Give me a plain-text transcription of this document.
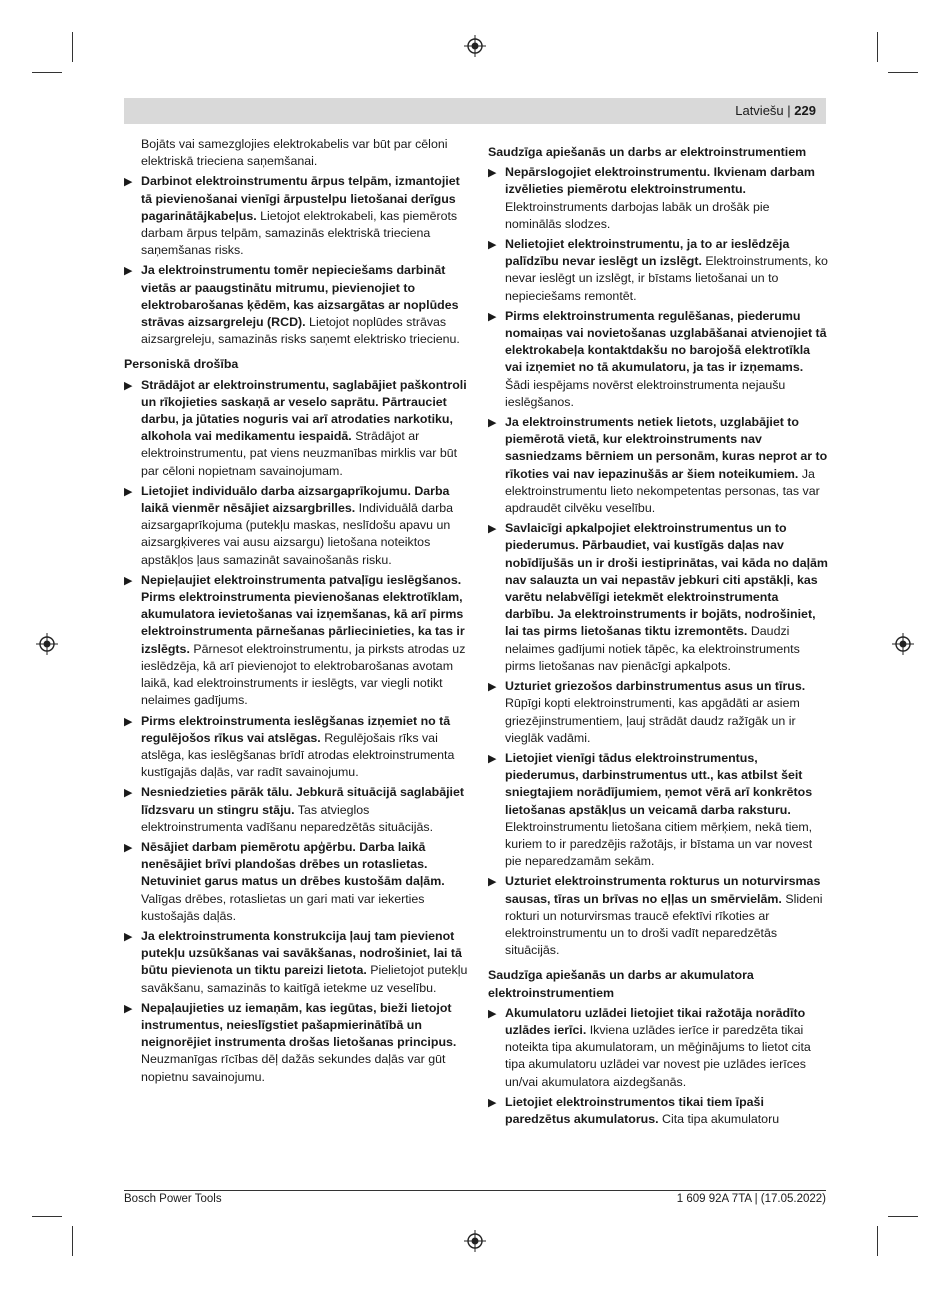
Latviešu | 229
Bojāts vai samezglojies elektrokabelis var būt par cēloni elektriskā trieciena saņemšanai.
▶ Darbinot elektroinstrumentu ārpus telpām, izmantojiet tā pievienošanai vienīgi ārpustelpu lietošanai derīgus pagarinātājkabeļus. Lietojot elektrokabeli, kas piemērots darbam ārpus telpām, samazinās elektriskā trieciena saņemšanas risks.
▶ Ja elektroinstrumentu tomēr nepieciešams darbināt vietās ar paaugstinātu mitrumu, pievienojiet to elektrobarošanas ķēdēm, kas aizsargātas ar noplūdes strāvas aizsargreleju (RCD). Lietojot noplūdes strāvas aizsargreleju, samazinās risks saņemt elektrisko triecienu.
Personiskā drošība
▶ Strādājot ar elektroinstrumentu, saglabājiet paškontroli un rīkojieties saskaņā ar veselo saprātu. Pārtrauciet darbu, ja jūtaties noguris vai arī atrodaties narkotiku, alkohola vai medikamentu iespaidā. Strādājot ar elektroinstrumentu, pat viens neuzmanības mirklis var būt par cēloni nopietnam savainojumam.
▶ Lietojiet individuālo darba aizsargaprīkojumu. Darba laikā vienmēr nēsājiet aizsargbrilles. Individuālā darba aizsargaprīkojuma (putekļu maskas, neslīdošu apavu un aizsargķiveres vai ausu aizsargu) lietošana noteiktos apstākļos ļaus samazināt savainošanās risku.
▶ Nepieļaujiet elektroinstrumenta patvaļīgu ieslēgšanos. Pirms elektroinstrumenta pievienošanas elektrotīklam, akumulatora ievietošanas vai izņemšanas, kā arī pirms elektroinstrumenta pārnešanas pārliecinieties, ka tas ir izslēgts. Pārnesot elektroinstrumentu, ja pirksts atrodas uz ieslēdzēja, kā arī pievienojot to elektrobarošanas avotam laikā, kad elektroinstruments ir ieslēgts, var viegli notikt nelaimes gadījums.
▶ Pirms elektroinstrumenta ieslēgšanas izņemiet no tā regulējošos rīkus vai atslēgas. Regulējošais rīks vai atslēga, kas ieslēgšanas brīdī atrodas elektroinstrumenta kustīgajās daļās, var radīt savainojumu.
▶ Nesniedzieties pārāk tālu. Jebkurā situācijā saglabājiet līdzsvaru un stingru stāju. Tas atvieglos elektroinstrumenta vadīšanu neparedzētās situācijās.
▶ Nēsājiet darbam piemērotu apģērbu. Darba laikā nenēsājiet brīvi plandošas drēbes un rotaslietas. Netuviniet garus matus un drēbes kustošām daļām. Valīgas drēbes, rotaslietas un gari mati var iekerties kustošajās daļās.
▶ Ja elektroinstrumenta konstrukcija ļauj tam pievienot putekļu uzsūkšanas vai savākšanas, nodrošiniet, lai tā būtu pievienota un tiktu pareizi lietota. Pielietojot putekļu savākšanu, samazinās to kaitīgā ietekme uz veselību.
▶ Nepaļaujieties uz iemaņām, kas iegūtas, bieži lietojot instrumentus, neieslīgstiet pašapmierinātībā un neignorējiet instrumenta drošas lietošanas principus. Neuzmanīgas rīcības dēļ dažās sekundes daļās var gūt nopietnu savainojumu.
Saudzīga apiešanās un darbs ar elektroinstrumentiem
▶ Nepārslogojiet elektroinstrumentu. Ikvienam darbam izvēlieties piemērotu elektroinstrumentu. Elektroinstruments darbojas labāk un drošāk pie nominālās slodzes.
▶ Nelietojiet elektroinstrumentu, ja to ar ieslēdzēja palīdzību nevar ieslēgt un izslēgt. Elektroinstruments, ko nevar ieslēgt un izslēgt, ir bīstams lietošanai un to nepieciešams remontēt.
▶ Pirms elektroinstrumenta regulēšanas, piederumu nomaiņas vai novietošanas uzglabāšanai atvienojiet tā elektrokabeļa kontaktdakšu no barojošā elektrotīkla vai izņemiet no tā akumulatoru, ja tas ir izņemams. Šādi iespējams novērst elektroinstrumenta nejaušu ieslēgšanos.
▶ Ja elektroinstruments netiek lietots, uzglabājiet to piemērotā vietā, kur elektroinstruments nav sasniedzams bērniem un personām, kuras neprot ar to rīkoties vai nav iepazinušās ar šiem noteikumiem. Ja elektroinstrumentu lieto nekompetentas personas, tas var apdraudēt cilvēku veselību.
▶ Savlaicīgi apkalpojiet elektroinstrumentus un to piederumus. Pārbaudiet, vai kustīgās daļas nav nobīdījušās un ir droši iestiprinātas, vai kāda no daļām nav salauzta un vai nepastāv jebkuri citi apstākļi, kas varētu nelabvēlīgi ietekmēt elektroinstrumenta darbību. Ja elektroinstruments ir bojāts, nodrošiniet, lai tas pirms lietošanas tiktu izremontēts. Daudzi nelaimes gadījumi notiek tāpēc, ka elektroinstruments pirms lietošanas nav pienācīgi apkalpots.
▶ Uzturiet griezošos darbinstrumentus asus un tīrus. Rūpīgi kopti elektroinstrumenti, kas apgādāti ar asiem griezējinstrumentiem, ļauj strādāt daudz ražīgāk un ir vieglāk vadāmi.
▶ Lietojiet vienīgi tādus elektroinstrumentus, piederumus, darbinstrumentus utt., kas atbilst šeit sniegtajiem norādījumiem, ņemot vērā arī konkrētos lietošanas apstākļus un veicamā darba raksturu. Elektroinstrumentu lietošana citiem mērķiem, nekā tiem, kuriem to ir paredzējis ražotājs, ir bīstama un var novest pie neparedzamām sekām.
▶ Uzturiet elektroinstrumenta rokturus un noturvirsmas sausas, tīras un brīvas no eļļas un smērvielām. Slideni rokturi un noturvirsmas traucē efektīvi rīkoties ar elektroinstrumentu un to droši vadīt neparedzētās situācijās.
Saudzīga apiešanās un darbs ar akumulatora elektroinstrumentiem
▶ Akumulatoru uzlādei lietojiet tikai ražotāja norādīto uzlādes ierīci. Ikviena uzlādes ierīce ir paredzēta tikai noteikta tipa akumulatoram, un mēģinājums to lietot cita tipa akumulatoru uzlādei var novest pie uzlādes ierīces un/vai akumulatora aizdegšanās.
▶ Lietojiet elektroinstrumentos tikai tiem īpaši paredzētus akumulatorus. Cita tipa akumulatoru
Bosch Power Tools	1 609 92A 7TA | (17.05.2022)
